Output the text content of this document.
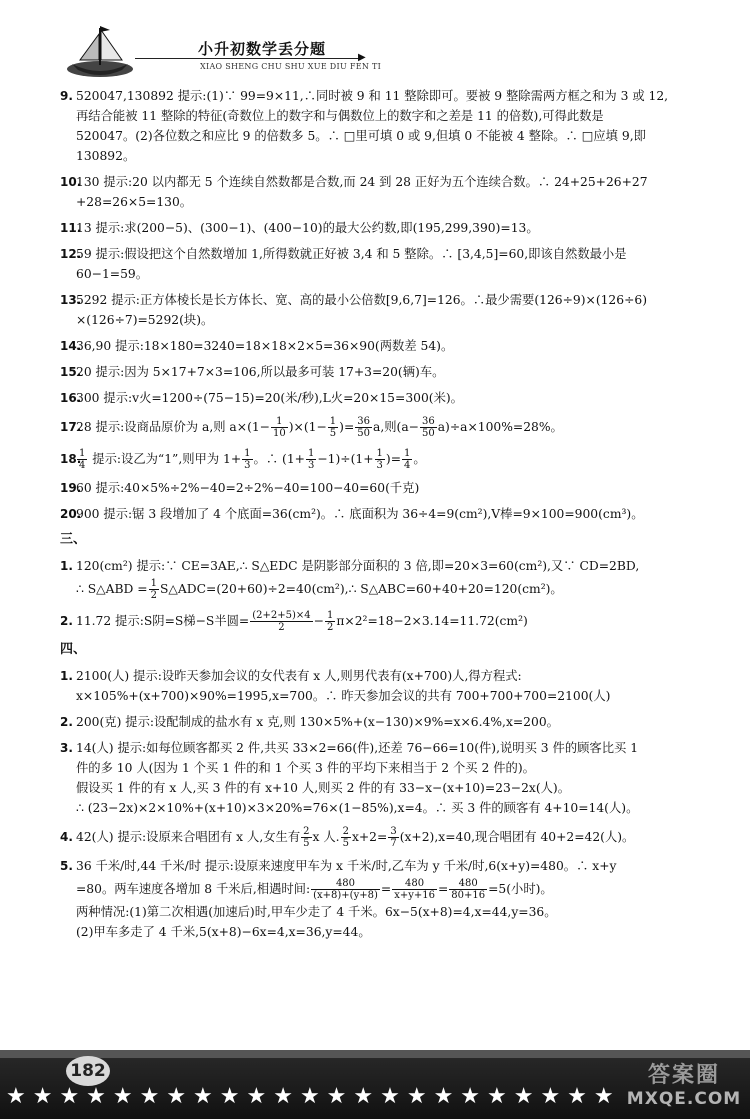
▶
小升初数学丢分题
XIAO SHENG CHU SHU XUE DIU FEN TI
9. 520047,130892 提示:(1)∵ 99=9×11,∴同时被 9 和 11 整除即可。要被 9 整除需两方框之和为 3 或 12,
再结合能被 11 整除的特征(奇数位上的数字和与偶数位上的数字和之差是 11 的倍数),可得此数是
520047。(2)各位数之和应比 9 的倍数多 5。∴ □里可填 0 或 9,但填 0 不能被 4 整除。∴ □应填 9,即
130892。
10.
130 提示:20 以内都无 5 个连续自然数都是合数,而 24 到 28 正好为五个连续合数。∴ 24+25+26+27
+28=26×5=130。
11.
13 提示:求(200−5)、(300−1)、(400−10)的最大公约数,即(195,299,390)=13。
12.
59 提示:假设把这个自然数增加 1,所得数就正好被 3,4 和 5 整除。∴ [3,4,5]=60,即该自然数最小是
60−1=59。
13.
5292 提示:正方体棱长是长方体长、宽、高的最小公倍数[9,6,7]=126。∴最少需要(126÷9)×(126÷6)
×(126÷7)=5292(块)。
14.
36,90 提示:18×180=3240=18×18×2×5=36×90(两数差 54)。
15.
20 提示:因为 5×17+7×3=106,所以最多可装 17+3=20(辆)车。
16.
300 提示:v火=1200÷(75−15)=20(米/秒),L火=20×15=300(米)。
17.
28 提示:设商品原价为 a,则 $a\times(1- \frac{1}{10} )\times(1- \frac{1}{5}$ )= $\frac{36}{50} a$,则$(a- \frac{36}{50} a)\div a\times 100\%=28\%$。
18.
$\frac{1}{4}$ 提示:设乙为“1”,则甲为 $1+ \frac{1}{3}$ 。∴ $(1+ \frac{1}{3} -1)\div(1+ \frac{1}{3}$ )= $\frac{1}{4}$ 。
19.
60 提示:40×5%÷2%−40=2÷2%−40=100−40=60(千克)
20.
900 提示:锯 3 段增加了 4 个底面=36(cm²)。∴ 底面积为 36÷4=9(cm²),V棒=9×100=900(cm³)。
三、
1. 120(cm²) 提示:∵ CE=3AE,∴ S△EDC 是阴影部分面积的 3 倍,即=20×3=60(cm²),又∵ CD=2BD,
∴ S△ABD = $\frac{1}{2}$ S△ADC=(20+60)÷2=40(cm²),∴ S△ABC=60+40+20=120(cm²)。
2. 11.72 提示:S阴=S梯−S半圆= $\frac{(2+2+5)\times 4}{2} - \frac{1}{2} \pi\times 2^2=18-2\times 3.14=11.72(cm^2)$
四、
1. 2100(人) 提示:设昨天参加会议的女代表有 x 人,则男代表有(x+700)人,得方程式:
x×105%+(x+700)×90%=1995,x=700。∴ 昨天参加会议的共有 700+700+700=2100(人)
2. 200(克) 提示:设配制成的盐水有 x 克,则 130×5%+(x−130)×9%=x×6.4%,x=200。
3. 14(人) 提示:如每位顾客都买 2 件,共买 33×2=66(件),还差 76−66=10(件),说明买 3 件的顾客比买 1
件的多 10 人(因为 1 个买 1 件的和 1 个买 3 件的平均下来相当于 2 个买 2 件的)。
假设买 1 件的有 x 人,买 3 件的有 x+10 人,则买 2 件的有 33−x−(x+10)=23−2x(人)。
∴ (23−2x)×2×10%+(x+10)×3×20%=76×(1−85%),x=4。∴ 买 3 件的顾客有 4+10=14(人)。
4. 42(人) 提示:设原来合唱团有 x 人,女生有 $\frac{2}{5}$ x 人. $\frac{2}{5} x+2= \frac{3}{7} (x+2),x=40$,现合唱团有 40+2=42(人)。
5. 36 千米/时,44 千米/时 提示:设原来速度甲车为 x 千米/时,乙车为 y 千米/时,6(x+y)=480。∴ x+y
=80。两车速度各增加 8 千米后,相遇时间: $\frac{480}{(x+8)+(y+8)} = \frac{480}{x+y+16} = \frac{480}{80+16} =5$(小时)。
两种情况:(1)第二次相遇(加速后)时,甲车少走了 4 千米。6x−5(x+8)=4,x=44,y=36。
(2)甲车多走了 4 千米,5(x+8)−6x=4,x=36,y=44。
182
★★★★★★★★★★★★★★★★★★★★★★★
答案圈
MXQE.COM
